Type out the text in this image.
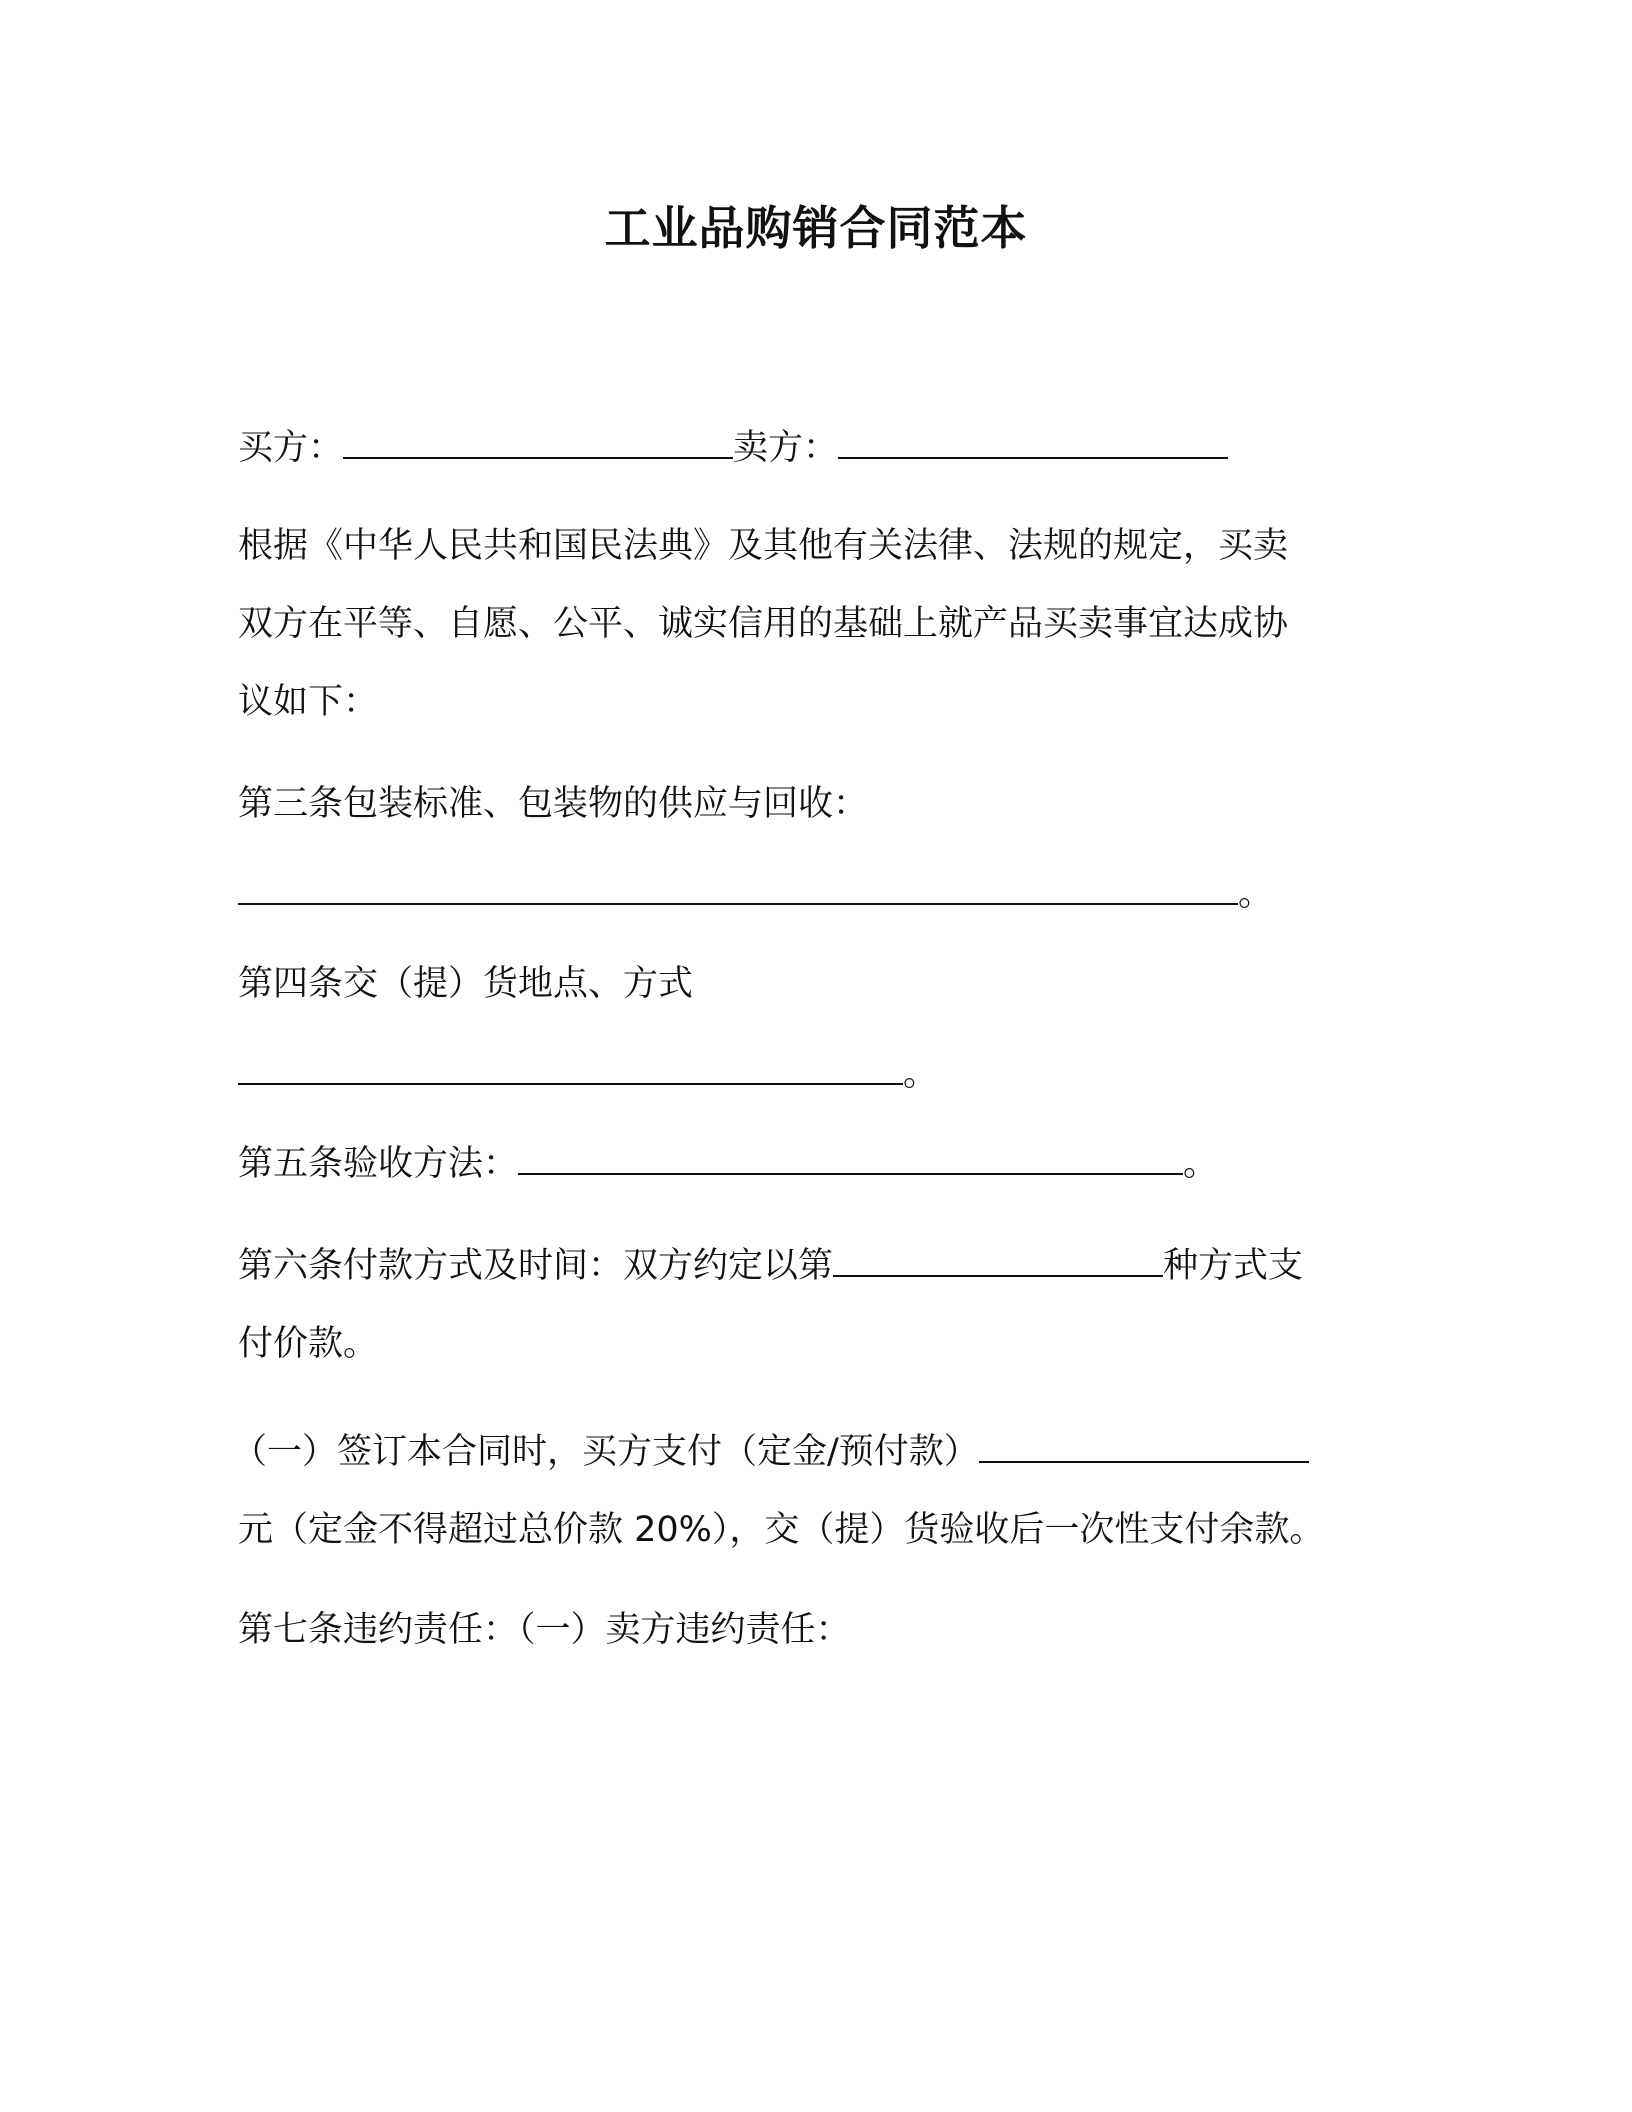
工业品购销合同范本
买方：	卖方：
根据《中华人民共和国民法典》及其他有关法律、法规的规定，买卖
双方在平等、自愿、公平、诚实信用的基础上就产品买卖事宜达成协
议如下：
第三条包装标准、包装物的供应与回收：
。
第四条交（提）货地点、方式
。
第五条验收方法：	。
第六条付款方式及时间：双方约定以第	种方式支
付价款。
（一）签订本合同时，买方支付（定金/预付款）
元（定金不得超过总价款 20%），交（提）货验收后一次性支付余款。
第七条违约责任：（一）卖方违约责任：
